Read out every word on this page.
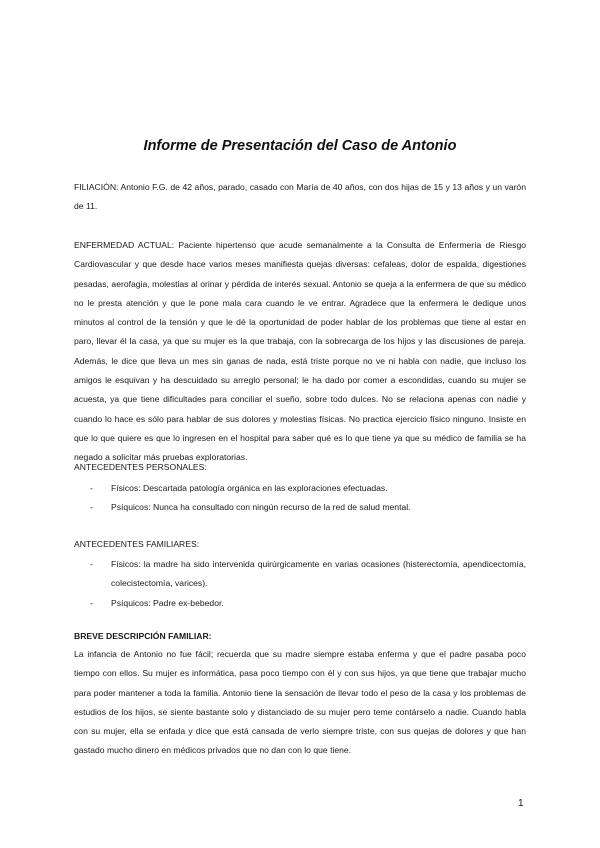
Informe de Presentación del Caso de Antonio
FILIACIÓN: Antonio F.G. de 42 años, parado, casado con María de 40 años, con dos hijas de 15 y 13 años y un varón de 11.
ENFERMEDAD ACTUAL: Paciente hipertenso que acude semanalmente a la Consulta de Enfermería de Riesgo Cardiovascular y que desde hace varios meses manifiesta quejas diversas: cefaleas, dolor de espalda, digestiones pesadas, aerofagia, molestias al orinar y pérdida de interés sexual. Antonio se queja a la enfermera de que su médico no le presta atención y que le pone mala cara cuando le ve entrar. Agradece que la enfermera le dedique unos minutos al control de la tensión y que le dé la oportunidad de poder hablar de los problemas que tiene al estar en paro, llevar él la casa, ya que su mujer es la que trabaja, con la sobrecarga de los hijos y las discusiones de pareja. Además, le dice que lleva un mes sin ganas de nada, está triste porque no ve ni habla con nadie, que incluso los amigos le esquivan y ha descuidado su arreglo personal; le ha dado por comer a escondidas, cuando su mujer se acuesta, ya que tiene dificultades para conciliar el sueño, sobre todo dulces. No se relaciona apenas con nadie y cuando lo hace es sólo para hablar de sus dolores y molestias físicas. No practica ejercicio físico ninguno. Insiste en que lo que quiere es que lo ingresen en el hospital para saber qué es lo que tiene ya que su médico de familia se ha negado a solicitar más pruebas exploratorias.
ANTECEDENTES PERSONALES:
- Físicos: Descartada patología orgánica en las exploraciones efectuadas.
- Psíquicos: Nunca ha consultado con ningún recurso de la red de salud mental.
ANTECEDENTES FAMILIARES:
- Físicos: la madre ha sido intervenida quirúrgicamente en varias ocasiones (histerectomía, apendicectomía, colecistectomía, varices).
- Psíquicos: Padre ex-bebedor.
BREVE DESCRIPCIÓN FAMILIAR:
La infancia de Antonio no fue fácil; recuerda que su madre siempre estaba enferma y que el padre pasaba poco tiempo con ellos. Su mujer es informática, pasa poco tiempo con él y con sus hijos, ya que tiene que trabajar mucho para poder mantener a toda la familia. Antonio tiene la sensación de llevar todo el peso de la casa y los problemas de estudios de los hijos, se siente bastante solo y distanciado de su mujer pero teme contárselo a nadie. Cuando habla con su mujer, ella se enfada y dice que está cansada de verlo siempre triste, con sus quejas de dolores y que han gastado mucho dinero en médicos privados que no dan con lo que tiene.
1
